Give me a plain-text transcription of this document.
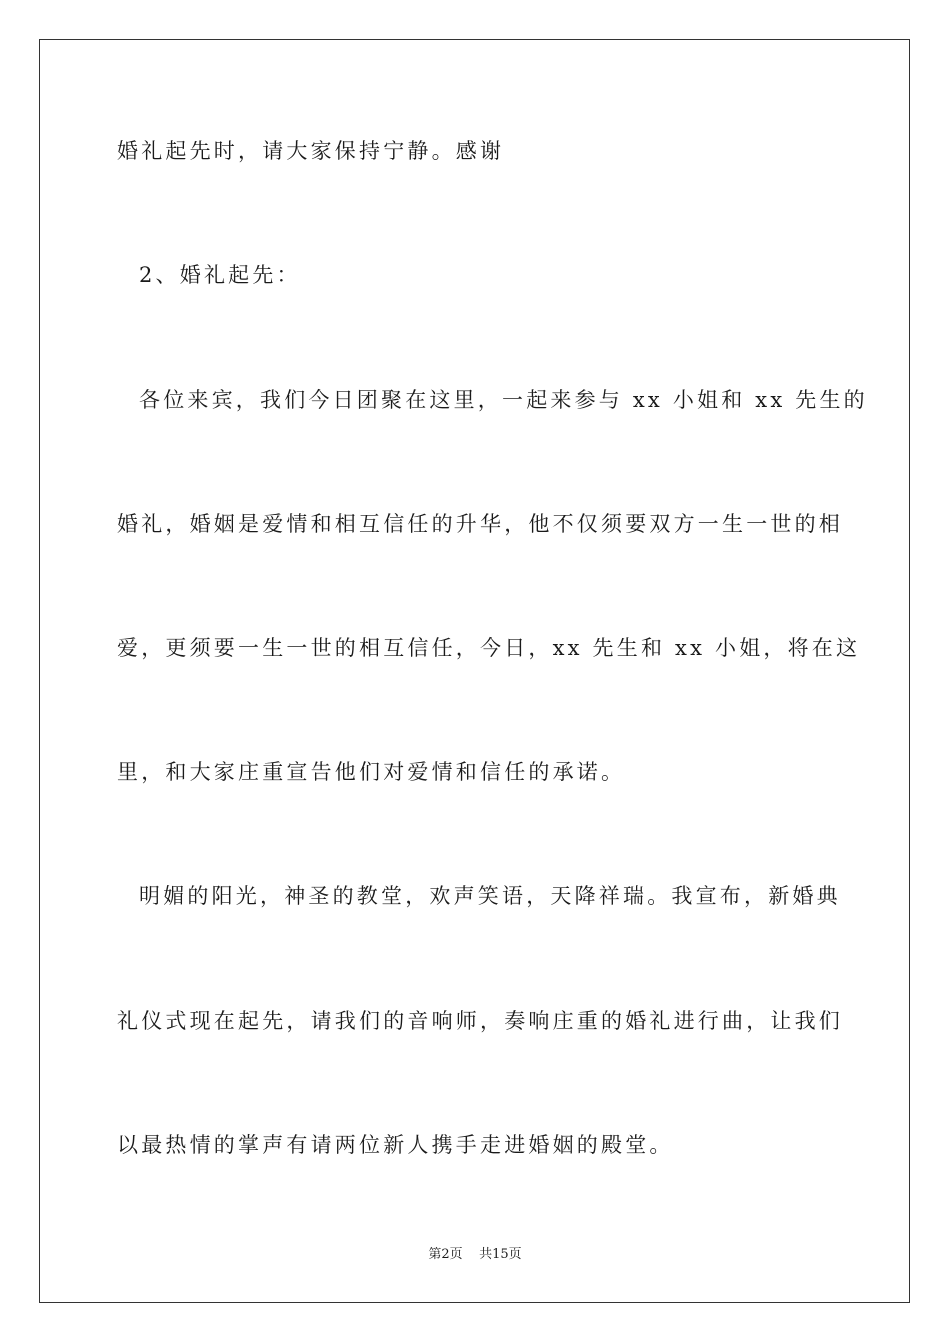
婚礼起先时，请大家保持宁静。感谢
2、婚礼起先：
各位来宾，我们今日团聚在这里，一起来参与 xx 小姐和 xx 先生的
婚礼，婚姻是爱情和相互信任的升华，他不仅须要双方一生一世的相
爱，更须要一生一世的相互信任，今日，xx 先生和 xx 小姐，将在这
里，和大家庄重宣告他们对爱情和信任的承诺。
明媚的阳光，神圣的教堂，欢声笑语，天降祥瑞。我宣布，新婚典
礼仪式现在起先，请我们的音响师，奏响庄重的婚礼进行曲，让我们
以最热情的掌声有请两位新人携手走进婚姻的殿堂。
第2页    共15页
